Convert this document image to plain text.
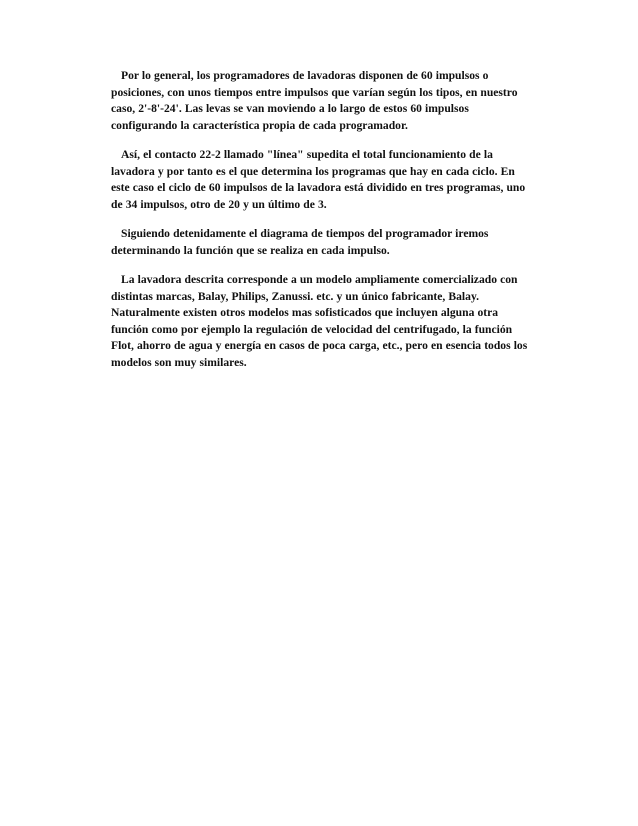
Por lo general, los programadores de lavadoras disponen de 60 impulsos o posiciones, con unos tiempos entre impulsos que varían según los tipos, en nuestro caso, 2'-8'-24'. Las levas se van moviendo a lo largo de estos 60 impulsos configurando la característica propia de cada programador.

Así, el contacto 22-2 llamado "línea" supedita el total funcionamiento de la lavadora y por tanto es el que determina los programas que hay en cada ciclo. En este caso el ciclo de 60 impulsos de la lavadora está dividido en tres programas, uno de 34 impulsos, otro de 20 y un último de 3.

Siguiendo detenidamente el diagrama de tiempos del programador iremos determinando la función que se realiza en cada impulso.

La lavadora descrita corresponde a un modelo ampliamente comercializado con distintas marcas, Balay, Philips, Zanussi. etc. y un único fabricante, Balay. Naturalmente existen otros modelos mas sofisticados que incluyen alguna otra función como por ejemplo la regulación de velocidad del centrifugado, la función Flot, ahorro de agua y energía en casos de poca carga, etc., pero en esencia todos los modelos son muy similares.
